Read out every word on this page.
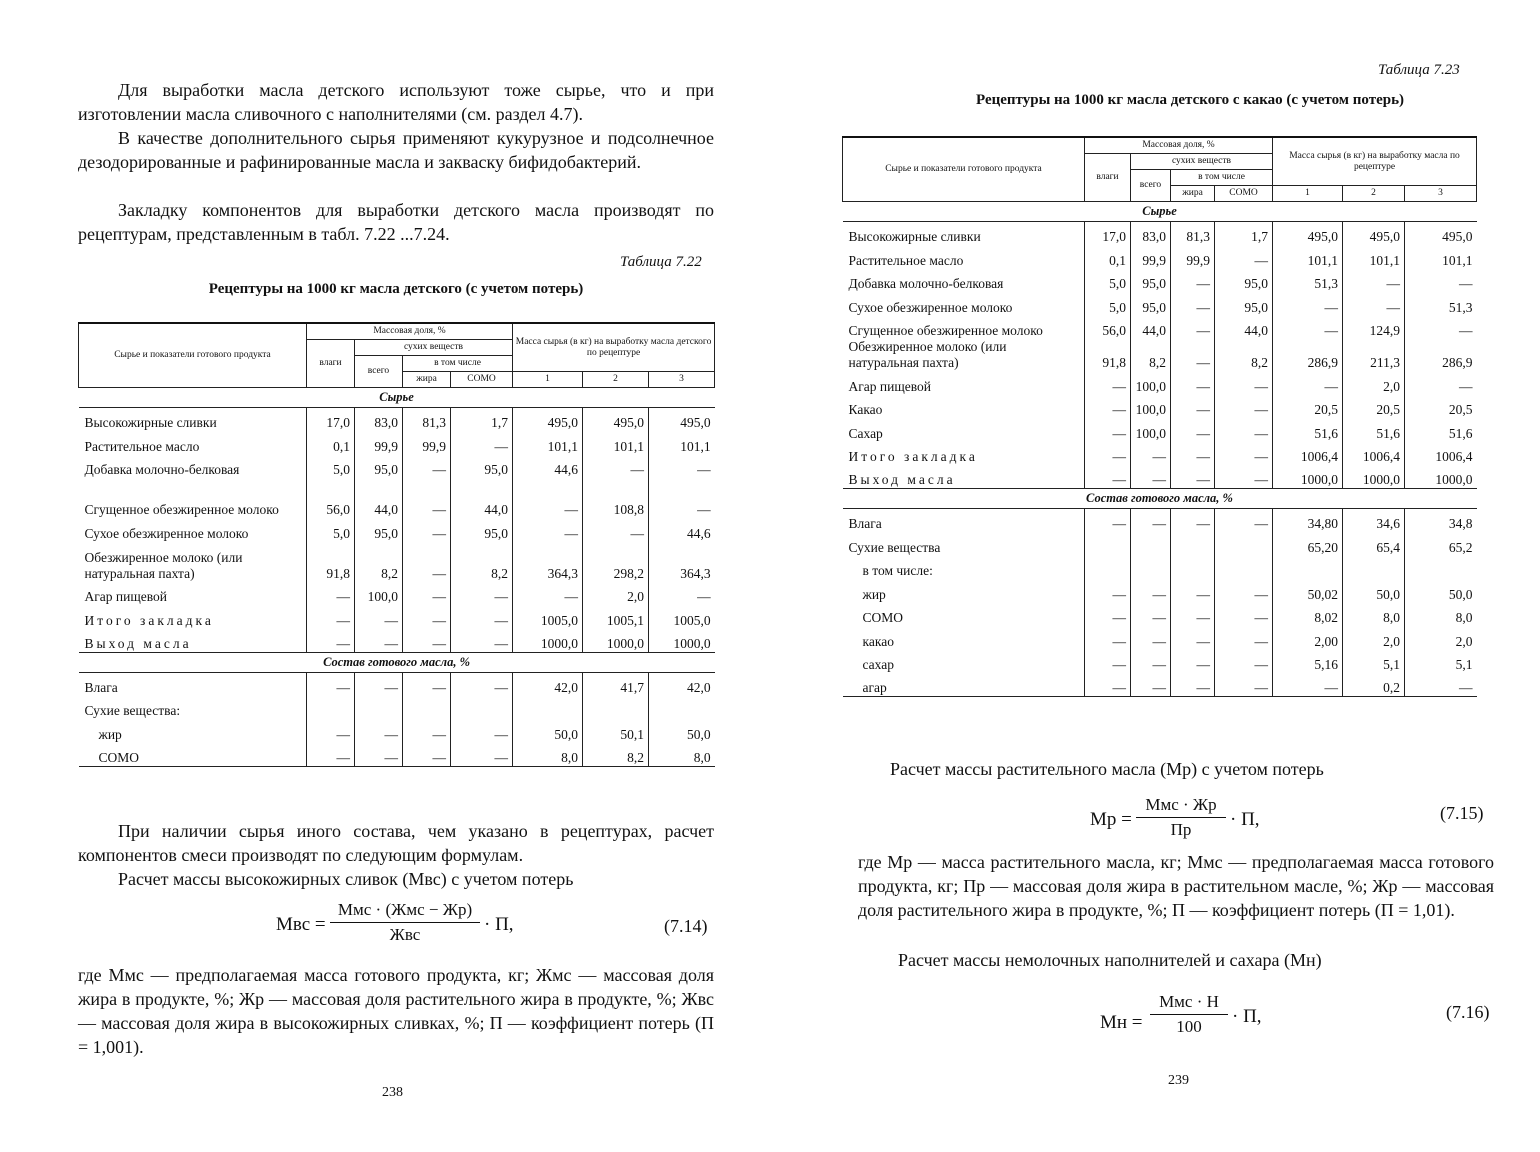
Для выработки масла детского используют тоже сырье, что и при изготовлении масла сливочного с наполнителями (см. раздел 4.7).

В качестве дополнительного сырья применяют кукурузное и подсолнечное дезодорированные и рафинированные масла и закваску бифидобактерий.

Закладку компонентов для выработки детского масла производят по рецептурам, представленным в табл. 7.22 ...7.24.

Таблица 7.22
Рецептуры на 1000 кг масла детского (с учетом потерь)
Сырье и показатели готового продукта	Массовая доля, %				Масса сырья (в кг) на выработку масла детского по рецептуре		
	влаги	сухих веществ					
		всего	в том числе				
			жира	СОМО	1	2	3
Сырье							
Высокожирные сливки	17,0	83,0	81,3	1,7	495,0	495,0	495,0
Растительное масло	0,1	99,9	99,9	—	101,1	101,1	101,1
Добавка молочно-белковая	5,0	95,0	—	95,0	44,6	—	—
Сгущенное обезжиренное молоко	56,0	44,0	—	44,0	—	108,8	—
Сухое обезжиренное молоко	5,0	95,0	—	95,0	—	—	44,6
Обезжиренное молоко (или натуральная пахта)	91,8	8,2	—	8,2	364,3	298,2	364,3
Агар пищевой	—	100,0	—	—	—	2,0	—
Итого закладка	—	—	—	—	1005,0	1005,1	1005,0
Выход масла	—	—	—	—	1000,0	1000,0	1000,0
Состав готового масла, %							
Влага	—	—	—	—	42,0	41,7	42,0
Сухие вещества:							
жир	—	—	—	—	50,0	50,1	50,0
СОМО	—	—	—	—	8,0	8,2	8,0

При наличии сырья иного состава, чем указано в рецептурах, расчет компонентов смеси производят по следующим формулам.

Расчет массы высокожирных сливок (Мвс) с учетом потерь

Мвс =
Ммс · (Жмс − Жр)
Жвс	· П,	(7.14)

где Ммс — предполагаемая масса готового продукта, кг; Жмс — массовая доля жира в продукте, %; Жр — массовая доля растительного жира в продукте, %; Жвс — массовая доля жира в высокожирных сливках, %; П — коэффициент потерь (П = 1,001).

238
Таблица 7.23
Рецептуры на 1000 кг масла детского с какао (с учетом потерь)
Сырье и показатели готового продукта	Массовая доля, %				Масса сырья (в кг) на выработку масла по рецептуре		
	влаги	сухих веществ					
		всего	в том числе				
			жира	СОМО	1	2	3
Сырье							
Высокожирные сливки	17,0	83,0	81,3	1,7	495,0	495,0	495,0
Растительное масло	0,1	99,9	99,9	—	101,1	101,1	101,1
Добавка молочно-белковая	5,0	95,0	—	95,0	51,3	—	—
Сухое обезжиренное молоко	5,0	95,0	—	95,0	—	—	51,3
Сгущенное обезжиренное молоко	56,0	44,0	—	44,0	—	124,9	—
Обезжиренное молоко (или натуральная пахта)	91,8	8,2	—	8,2	286,9	211,3	286,9
Агар пищевой	—	100,0	—	—	—	2,0	—
Какао	—	100,0	—	—	20,5	20,5	20,5
Сахар	—	100,0	—	—	51,6	51,6	51,6
Итого закладка	—	—	—	—	1006,4	1006,4	1006,4
Выход масла	—	—	—	—	1000,0	1000,0	1000,0
Состав готового масла, %							
Влага	—	—	—	—	34,80	34,6	34,8
Сухие вещества					65,20	65,4	65,2
в том числе:							
жир	—	—	—	—	50,02	50,0	50,0
СОМО	—	—	—	—	8,02	8,0	8,0
какао	—	—	—	—	2,00	2,0	2,0
сахар	—	—	—	—	5,16	5,1	5,1
агар	—	—	—	—	—	0,2	—

Расчет массы растительного масла (Мр) с учетом потерь

Мр =
Ммс · Жр
Пр	· П,	(7.15)

где Мр — масса растительного масла, кг; Ммс — предполагаемая масса готового продукта, кг; Пр — массовая доля жира в растительном масле, %; Жр — массовая доля растительного жира в продукте, %; П — коэффициент потерь (П = 1,01).

Расчет массы немолочных наполнителей и сахара (Мн)

Мн =
Ммс · Н
100	· П,	(7.16)
239
